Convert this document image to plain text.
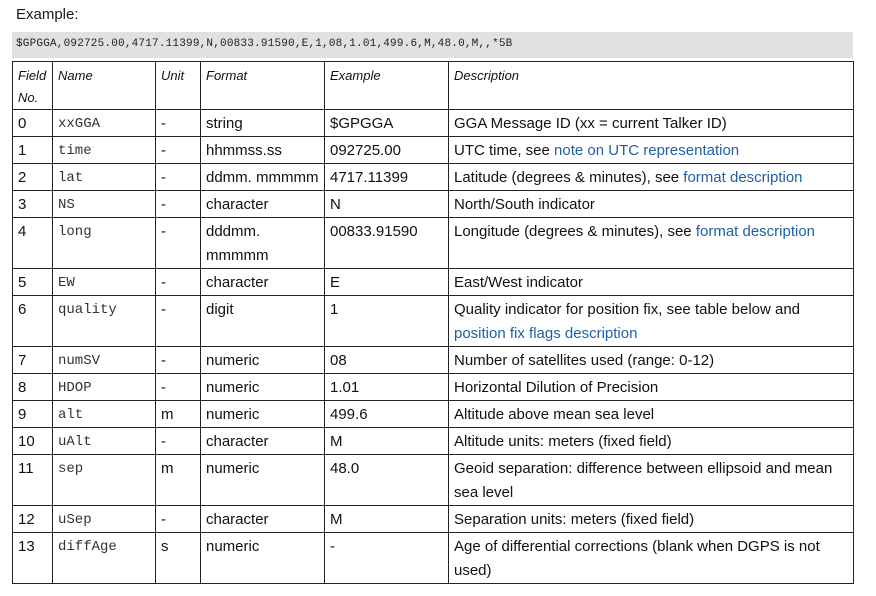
Example:
$GPGGA,092725.00,4717.11399,N,00833.91590,E,1,08,1.01,499.6,M,48.0,M,,*5B
Field No.	Name	Unit	Format	Example	Description
0	xxGGA	-	string	$GPGGA	GGA Message ID (xx = current Talker ID)
1	time	-	hhmmss.ss	092725.00	UTC time, see note on UTC representation
2	lat	-	ddmm. mmmmm	4717.11399	Latitude (degrees & minutes), see format description
3	NS	-	character	N	North/South indicator
4	long	-	dddmm. mmmmm	00833.91590	Longitude (degrees & minutes), see format description
5	EW	-	character	E	East/West indicator
6	quality	-	digit	1	Quality indicator for position fix, see table below and position fix flags description
7	numSV	-	numeric	08	Number of satellites used (range: 0-12)
8	HDOP	-	numeric	1.01	Horizontal Dilution of Precision
9	alt	m	numeric	499.6	Altitude above mean sea level
10	uAlt	-	character	M	Altitude units: meters (fixed field)
11	sep	m	numeric	48.0	Geoid separation: difference between ellipsoid and mean sea level
12	uSep	-	character	M	Separation units: meters (fixed field)
13	diffAge	s	numeric	-	Age of differential corrections (blank when DGPS is not used)
